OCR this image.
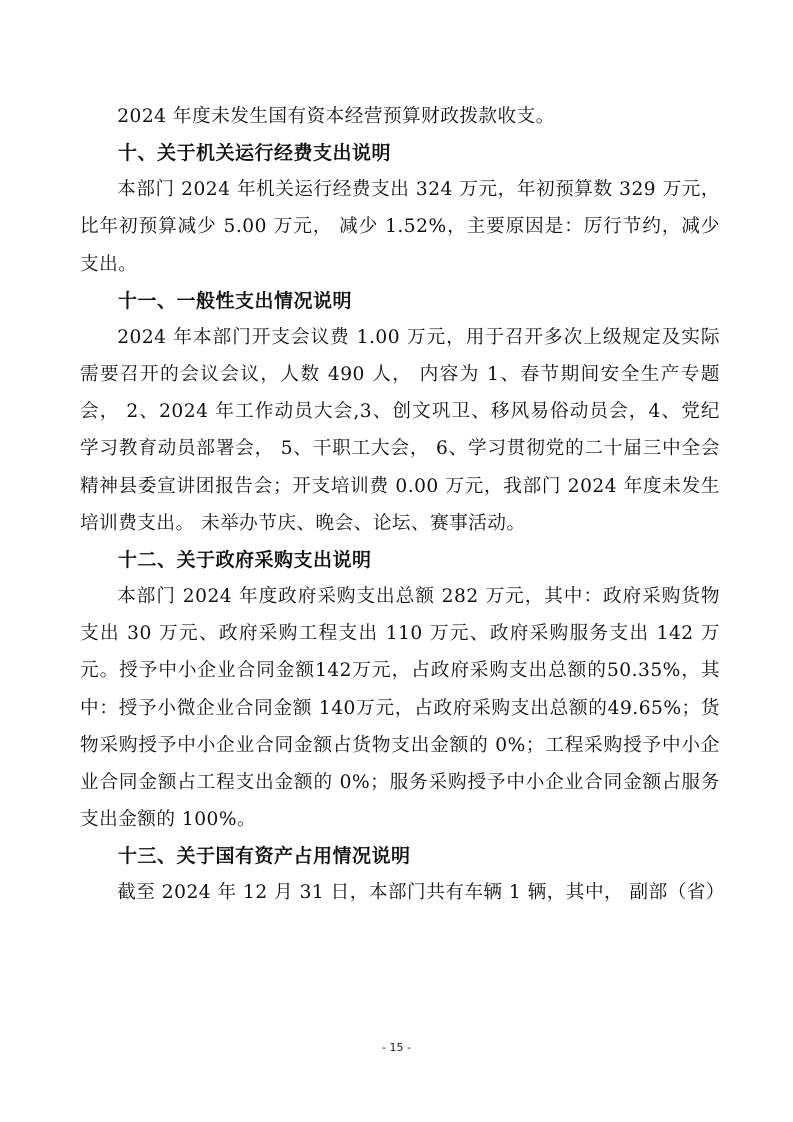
2024 年度未发生国有资本经营预算财政拨款收支。

十、关于机关运行经费支出说明

本部门 2024 年机关运行经费支出 324 万元，年初预算数 329 万元， 比年初预算减少 5.00 万元， 减少 1.52%，主要原因是：厉行节约，减少支出。

十一、一般性支出情况说明

2024 年本部门开支会议费 1.00 万元，用于召开多次上级规定及实际需要召开的会议会议，人数 490 人， 内容为 1、春节期间安全生产专题会， 2、2024 年工作动员大会,3、创文巩卫、移风易俗动员会，4、党纪学习教育动员部署会， 5、干职工大会， 6、学习贯彻党的二十届三中全会精神县委宣讲团报告会；开支培训费 0.00 万元，我部门 2024 年度未发生培训费支出。 未举办节庆、晚会、论坛、赛事活动。

十二、关于政府采购支出说明

本部门 2024 年度政府采购支出总额 282 万元，其中：政府采购货物支出 30 万元、政府采购工程支出 110 万元、政府采购服务支出 142 万元。授予中小企业合同金额142万元，占政府采购支出总额的50.35%，其中：授予小微企业合同金额 140万元，占政府采购支出总额的49.65%；货物采购授予中小企业合同金额占货物支出金额的 0%；工程采购授予中小企业合同金额占工程支出金额的 0%；服务采购授予中小企业合同金额占服务支出金额的 100%。

十三、关于国有资产占用情况说明

截至 2024 年 12 月 31 日，本部门共有车辆 1 辆，其中， 副部（省）

- 15 -
